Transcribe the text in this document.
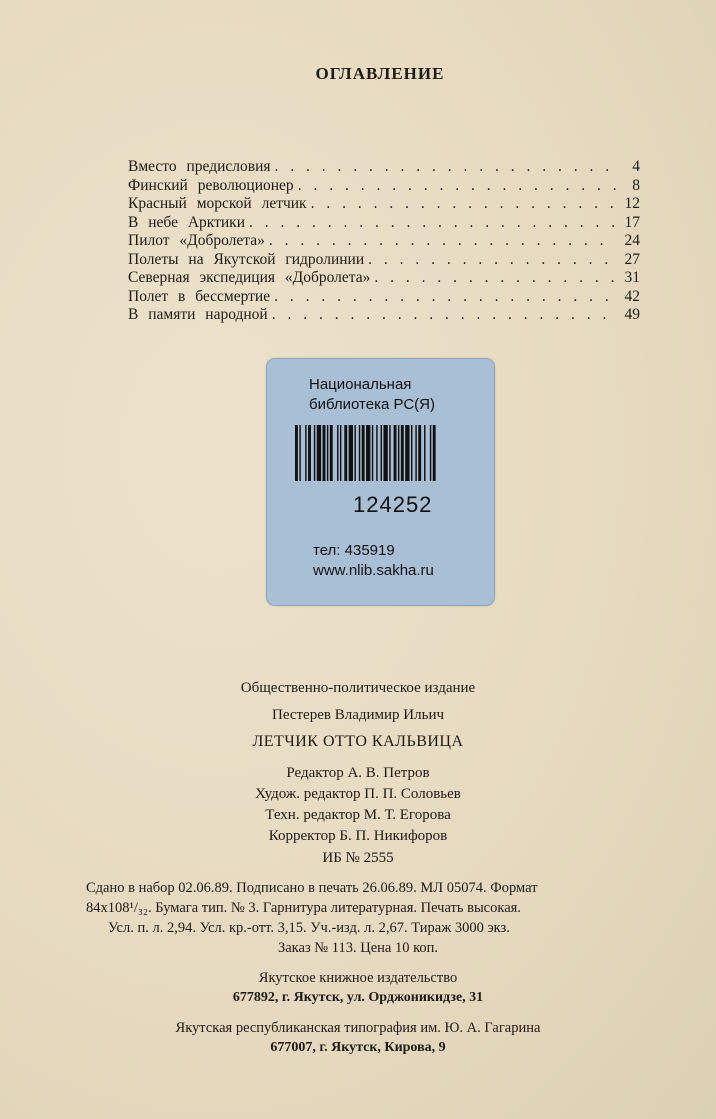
ОГЛАВЛЕНИЕ
Вместо предисловия . . .	4
Финский революционер . . .	8
Красный морской летчик . . .	12
В небе Арктики . . .	17
Пилот «Добролета» . . .	24
Полеты на Якутской гидролинии . . .	27
Северная экспедиция «Добролета» . . .	31
Полет в бессмертие . . .	42
В памяти народной . . .	49
Национальная
библиотека РС(Я)
124252
тел: 435919
www.nlib.sakha.ru
Общественно-политическое издание
Пестерев Владимир Ильич
ЛЕТЧИК ОТТО КАЛЬВИЦА
Редактор А. В. Петров
Худож. редактор П. П. Соловьев
Техн. редактор М. Т. Егорова
Корректор Б. П. Никифоров
ИБ № 2555
Сдано в набор 02.06.89. Подписано в печать 26.06.89. МЛ 05074. Формат
84х108¹/₃₂. Бумага тип. № 3. Гарнитура литературная. Печать высокая.
Усл. п. л. 2,94. Усл. кр.-отт. 3,15. Уч.-изд. л. 2,67. Тираж 3000 экз.
Заказ № 113. Цена 10 коп.
Якутское книжное издательство
677892, г. Якутск, ул. Орджоникидзе, 31
Якутская республиканская типография им. Ю. А. Гагарина
677007, г. Якутск, Кирова, 9
